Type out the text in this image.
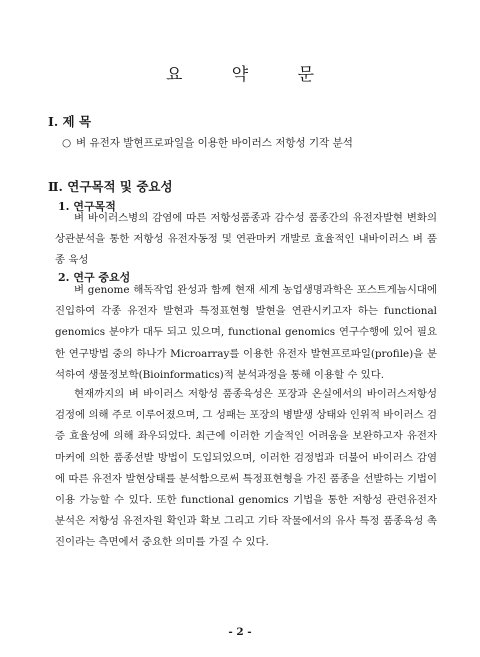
요 약 문
Ⅰ. 제 목
○ 벼 유전자 발현프로파일을 이용한 바이러스 저항성 기작 분석
Ⅱ. 연구목적 및 중요성
1. 연구목적

벼 바이러스병의 감염에 따른 저항성품종과 감수성 품종간의 유전자발현 변화의 상관분석을 통한 저항성 유전자동정 및 연관마커 개발로 효율적인 내바이러스 벼 품종 육성

2. 연구 중요성

벼 genome 해독작업 완성과 함께 현재 세계 농업생명과학은 포스트게놈시대에 진입하여 각종 유전자 발현과 특정표현형 발현을 연관시키고자 하는 functional genomics 분야가 대두 되고 있으며, functional genomics 연구수행에 있어 필요한 연구방법 중의 하나가 Microarray를 이용한 유전자 발현프로파일(profile)을 분석하여 생물정보학(Bioinformatics)적 분석과정을 통해 이용할 수 있다.

현재까지의 벼 바이러스 저항성 품종육성은 포장과 온실에서의 바이러스저항성 검정에 의해 주로 이루어졌으며, 그 성패는 포장의 병발생 상태와 인위적 바이러스 검증 효율성에 의해 좌우되었다. 최근에 이러한 기술적인 어려움을 보완하고자 유전자 마커에 의한 품종선발 방법이 도입되었으며, 이러한 검정법과 더불어 바이러스 감염에 따른 유전자 발현상태를 분석함으로써 특정표현형을 가진 품종을 선발하는 기법이 이용 가능할 수 있다. 또한 functional genomics 기법을 통한 저항성 관련유전자 분석은 저항성 유전자원 확인과 확보 그리고 기타 작물에서의 유사 특정 품종육성 촉진이라는 측면에서 중요한 의미를 가질 수 있다.

- 2 -
